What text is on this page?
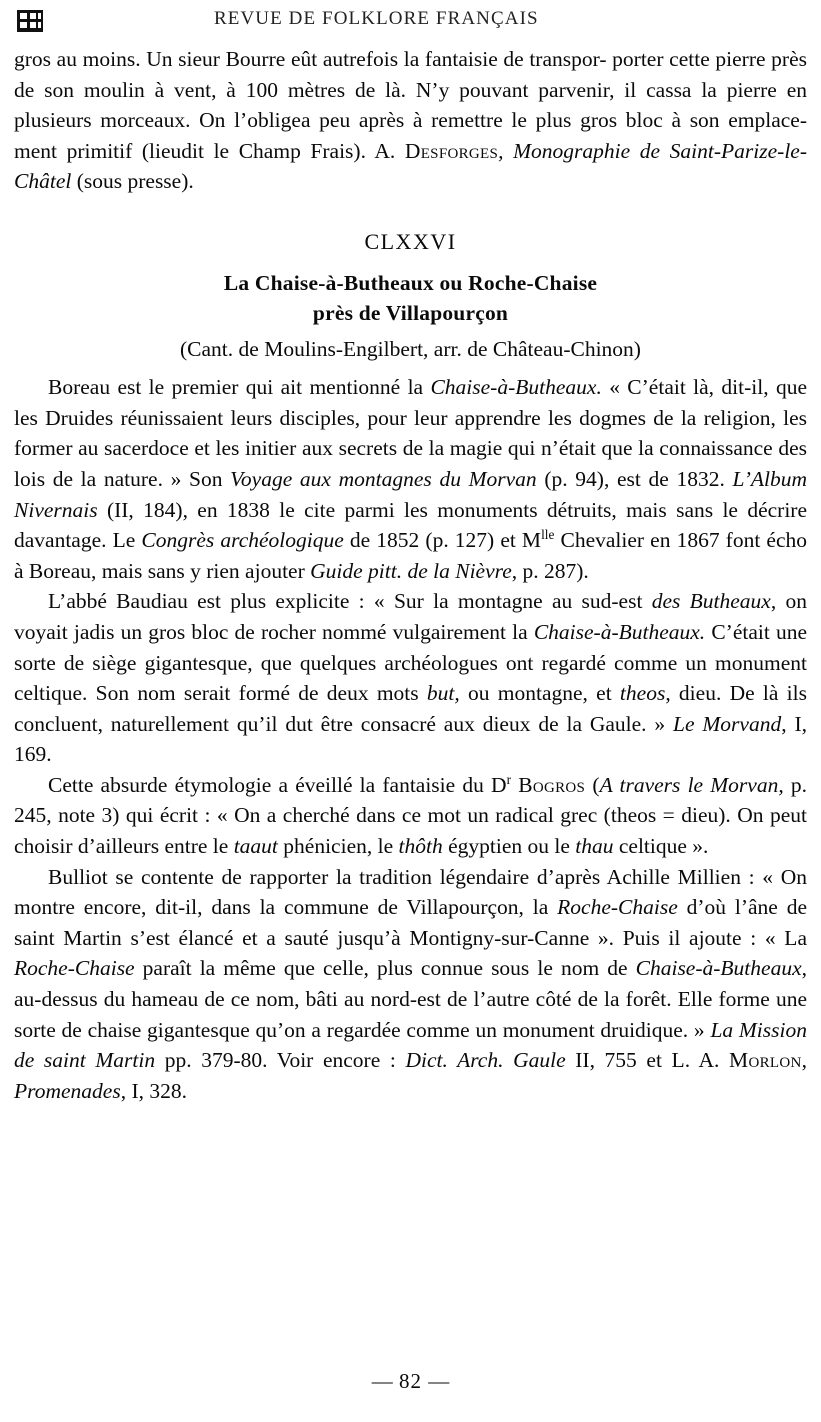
REVUE DE FOLKLORE FRANÇAIS

gros au moins. Un sieur Bourre eût autrefois la fantaisie de transpor- porter cette pierre près de son moulin à vent, à 100 mètres de là. N’y pouvant parvenir, il cassa la pierre en plusieurs morceaux. On l’obligea peu après à remettre le plus gros bloc à son emplace- ment primitif (lieudit le Champ Frais). A. Desforges, Monographie de Saint-Parize-le-Châtel (sous presse).

CLXXVI
La Chaise-à-Butheaux ou Roche-Chaise
près de Villapourçon
(Cant. de Moulins-Engilbert, arr. de Château-Chinon)

Boreau est le premier qui ait mentionné la Chaise-à-Butheaux. « C’était là, dit-il, que les Druides réunissaient leurs disciples, pour leur apprendre les dogmes de la religion, les former au sacerdoce et les initier aux secrets de la magie qui n’était que la connaissance des lois de la nature. » Son Voyage aux montagnes du Morvan (p. 94), est de 1832. L’Album Nivernais (II, 184), en 1838 le cite parmi les monuments détruits, mais sans le décrire davantage. Le Congrès archéologique de 1852 (p. 127) et $M^{lle}$ Chevalier en 1867 font écho à Boreau, mais sans y rien ajouter Guide pitt. de la Nièvre, p. 287).

L’abbé Baudiau est plus explicite : « Sur la montagne au sud-est des Butheaux, on voyait jadis un gros bloc de rocher nommé vulgairement la Chaise-à-Butheaux. C’était une sorte de siège gigantesque, que quelques archéologues ont regardé comme un monument celtique. Son nom serait formé de deux mots but, ou montagne, et theos, dieu. De là ils concluent, naturellement qu’il dut être consacré aux dieux de la Gaule. » Le Morvand, I, 169.

Cette absurde étymologie a éveillé la fantaisie du $D^r$ Bogros (A travers le Morvan, p. 245, note 3) qui écrit : « On a cherché dans ce mot un radical grec (theos = dieu). On peut choisir d’ailleurs entre le taaut phénicien, le thôth égyptien ou le thau celtique ».

Bulliot se contente de rapporter la tradition légendaire d’après Achille Millien : « On montre encore, dit-il, dans la commune de Villapourçon, la Roche-Chaise d’où l’âne de saint Martin s’est élancé et a sauté jusqu’à Montigny-sur-Canne ». Puis il ajoute : « La Roche-Chaise paraît la même que celle, plus connue sous le nom de Chaise-à-Butheaux, au-dessus du hameau de ce nom, bâti au nord-est de l’autre côté de la forêt. Elle forme une sorte de chaise gigantesque qu’on a regardée comme un monument druidique. » La Mission de saint Martin pp. 379-80. Voir encore : Dict. Arch. Gaule II, 755 et L. A. Morlon, Promenades, I, 328.

— 82 —
